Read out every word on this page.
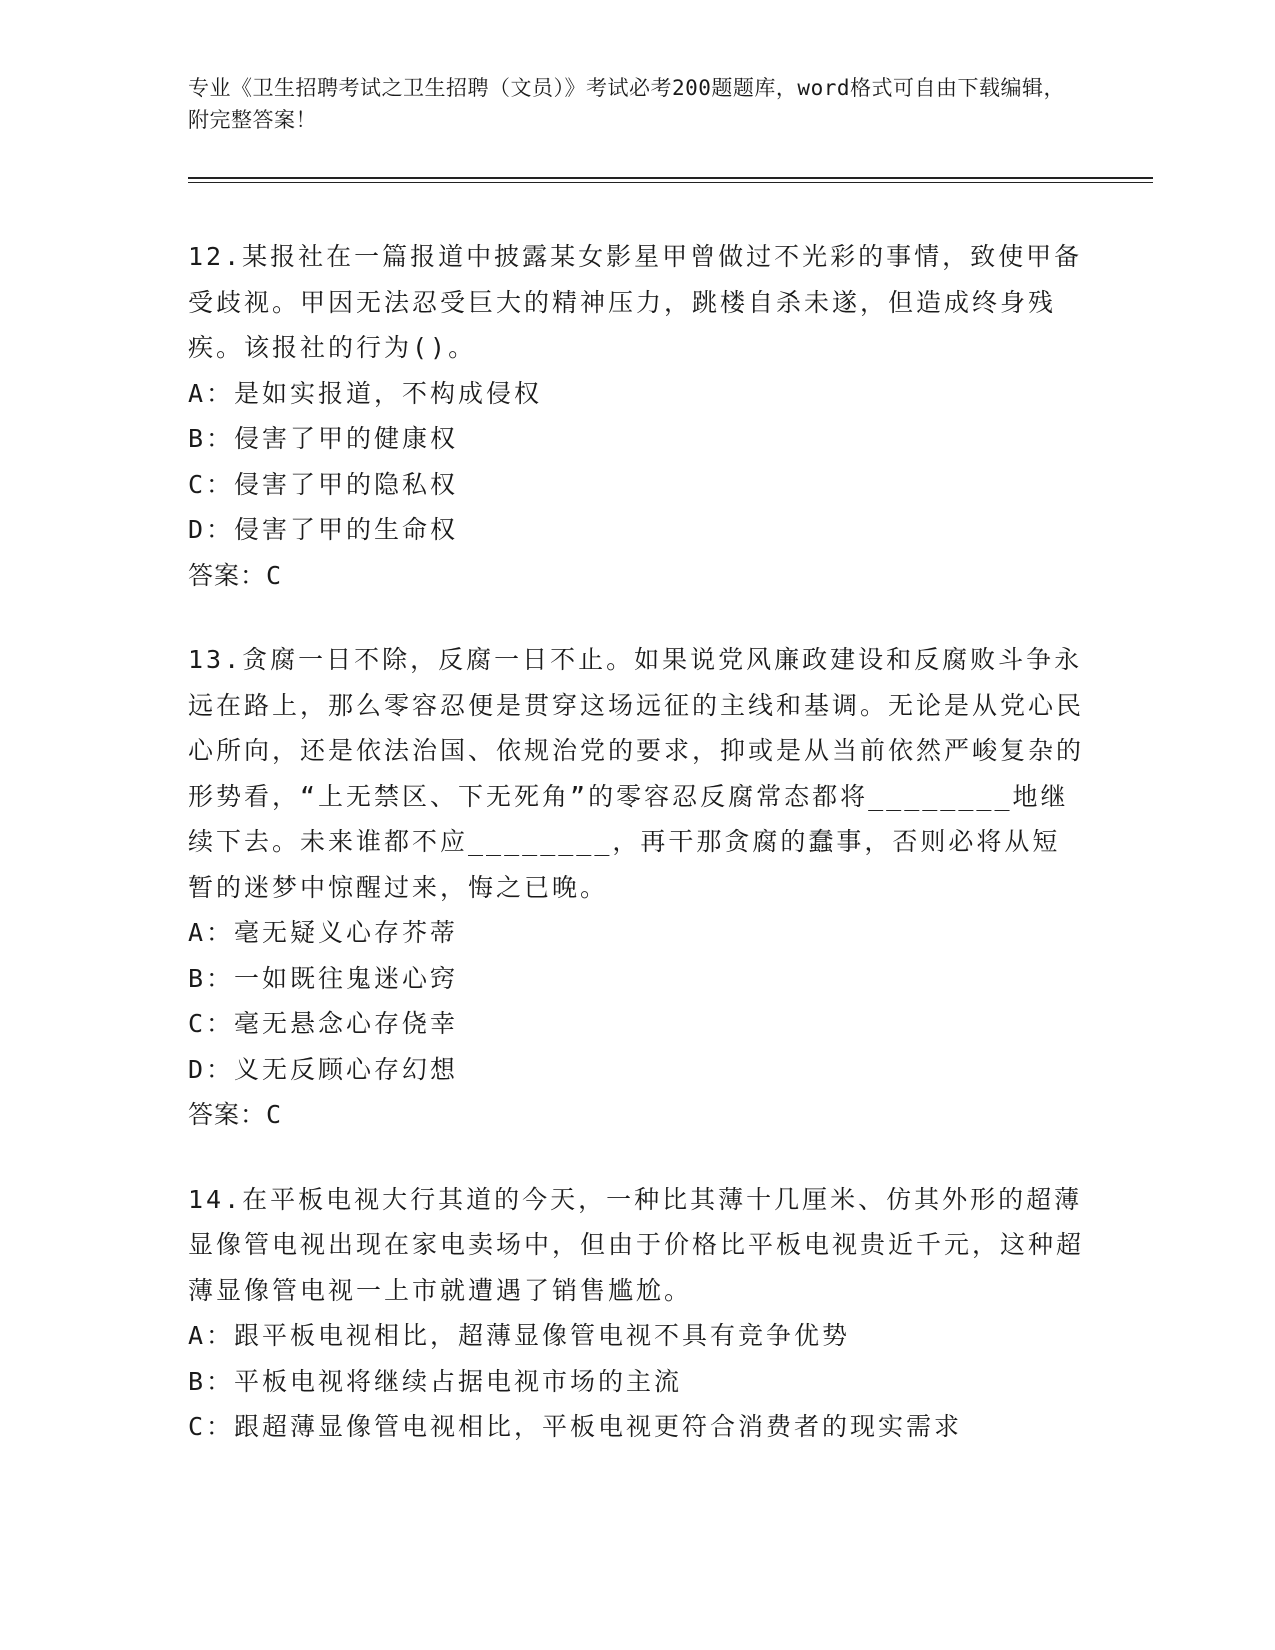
专业《卫生招聘考试之卫生招聘（文员）》考试必考200题题库，word格式可自由下载编辑，附完整答案！

12.某报社在一篇报道中披露某女影星甲曾做过不光彩的事情，致使甲备受歧视。甲因无法忍受巨大的精神压力，跳楼自杀未遂，但造成终身残疾。该报社的行为()。

A：是如实报道，不构成侵权

B：侵害了甲的健康权

C：侵害了甲的隐私权

D：侵害了甲的生命权

答案：C

13.贪腐一日不除，反腐一日不止。如果说党风廉政建设和反腐败斗争永远在路上，那么零容忍便是贯穿这场远征的主线和基调。无论是从党心民心所向，还是依法治国、依规治党的要求，抑或是从当前依然严峻复杂的形势看，“上无禁区、下无死角”的零容忍反腐常态都将________地继续下去。未来谁都不应________，再干那贪腐的蠢事，否则必将从短暂的迷梦中惊醒过来，悔之已晚。

A：毫无疑义心存芥蒂

B：一如既往鬼迷心窍

C：毫无悬念心存侥幸

D：义无反顾心存幻想

答案：C

14.在平板电视大行其道的今天，一种比其薄十几厘米、仿其外形的超薄显像管电视出现在家电卖场中，但由于价格比平板电视贵近千元，这种超薄显像管电视一上市就遭遇了销售尴尬。

A：跟平板电视相比，超薄显像管电视不具有竞争优势

B：平板电视将继续占据电视市场的主流

C：跟超薄显像管电视相比，平板电视更符合消费者的现实需求
